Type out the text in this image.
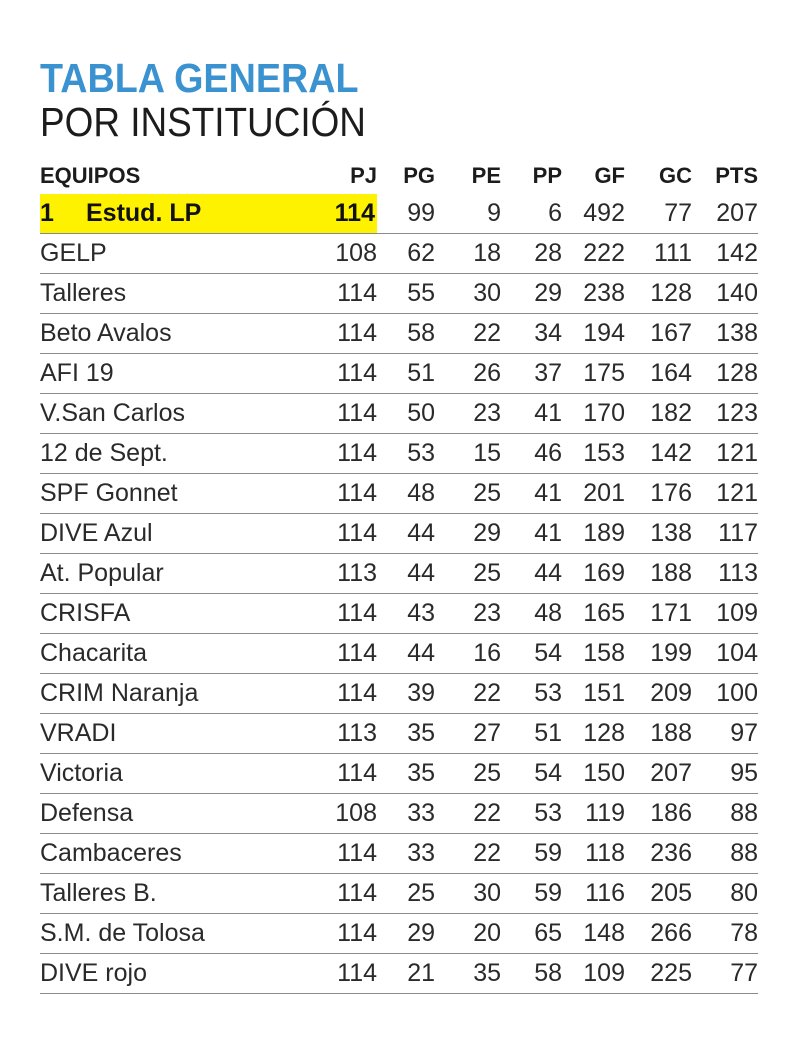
TABLA GENERAL
POR INSTITUCIÓN
EQUIPOS	PJ	PG	PE	PP	GF	GC	PTS
1 Estud. LP	114	99	9	6	492	77	207
GELP	108	62	18	28	222	111	142
Talleres	114	55	30	29	238	128	140
Beto Avalos	114	58	22	34	194	167	138
AFI 19	114	51	26	37	175	164	128
V.San Carlos	114	50	23	41	170	182	123
12 de Sept.	114	53	15	46	153	142	121
SPF Gonnet	114	48	25	41	201	176	121
DIVE Azul	114	44	29	41	189	138	117
At. Popular	113	44	25	44	169	188	113
CRISFA	114	43	23	48	165	171	109
Chacarita	114	44	16	54	158	199	104
CRIM Naranja	114	39	22	53	151	209	100
VRADI	113	35	27	51	128	188	97
Victoria	114	35	25	54	150	207	95
Defensa	108	33	22	53	119	186	88
Cambaceres	114	33	22	59	118	236	88
Talleres B.	114	25	30	59	116	205	80
S.M. de Tolosa	114	29	20	65	148	266	78
DIVE rojo	114	21	35	58	109	225	77
